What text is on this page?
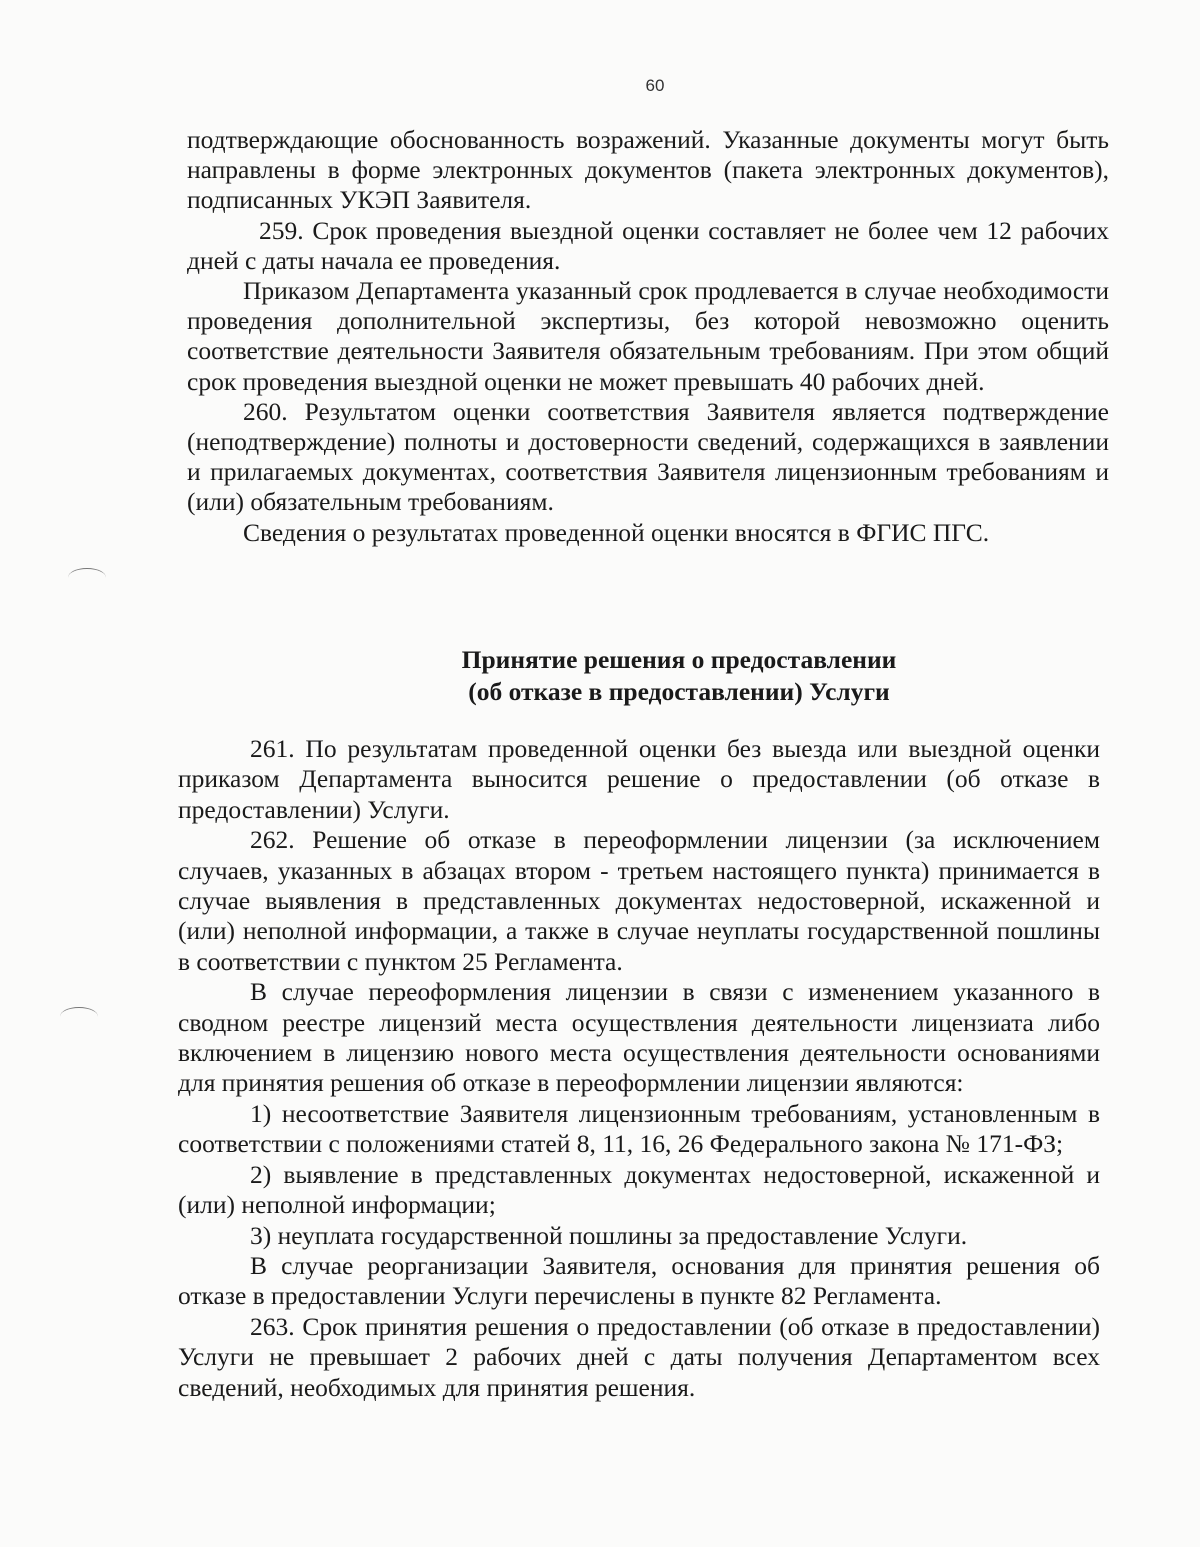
60

подтверждающие обоснованность возражений. Указанные документы могут быть направлены в форме электронных документов (пакета электронных документов), подписанных УКЭП Заявителя.

259. Срок проведения выездной оценки составляет не более чем 12 рабочих дней с даты начала ее проведения.

Приказом Департамента указанный срок продлевается в случае необходимости проведения дополнительной экспертизы, без которой невозможно оценить соответствие деятельности Заявителя обязательным требованиям. При этом общий срок проведения выездной оценки не может превышать 40 рабочих дней.

260. Результатом оценки соответствия Заявителя является подтверждение (неподтверждение) полноты и достоверности сведений, содержащихся в заявлении и прилагаемых документах, соответствия Заявителя лицензионным требованиям и (или) обязательным требованиям.

Сведения о результатах проведенной оценки вносятся в ФГИС ПГС.

Принятие решения о предоставлении
(об отказе в предоставлении) Услуги

261. По результатам проведенной оценки без выезда или выездной оценки приказом Департамента выносится решение о предоставлении (об отказе в предоставлении) Услуги.

262. Решение об отказе в переоформлении лицензии (за исключением случаев, указанных в абзацах втором - третьем настоящего пункта) принимается в случае выявления в представленных документах недостоверной, искаженной и (или) неполной информации, а также в случае неуплаты государственной пошлины в соответствии с пунктом 25 Регламента.

В случае переоформления лицензии в связи с изменением указанного в сводном реестре лицензий места осуществления деятельности лицензиата либо включением в лицензию нового места осуществления деятельности основаниями для принятия решения об отказе в переоформлении лицензии являются:

1) несоответствие Заявителя лицензионным требованиям, установленным в соответствии с положениями статей 8, 11, 16, 26 Федерального закона № 171-ФЗ;

2) выявление в представленных документах недостоверной, искаженной и (или) неполной информации;

3) неуплата государственной пошлины за предоставление Услуги.

В случае реорганизации Заявителя, основания для принятия решения об отказе в предоставлении Услуги перечислены в пункте 82 Регламента.

263. Срок принятия решения о предоставлении (об отказе в предоставлении) Услуги не превышает 2 рабочих дней с даты получения Департаментом всех сведений, необходимых для принятия решения.
